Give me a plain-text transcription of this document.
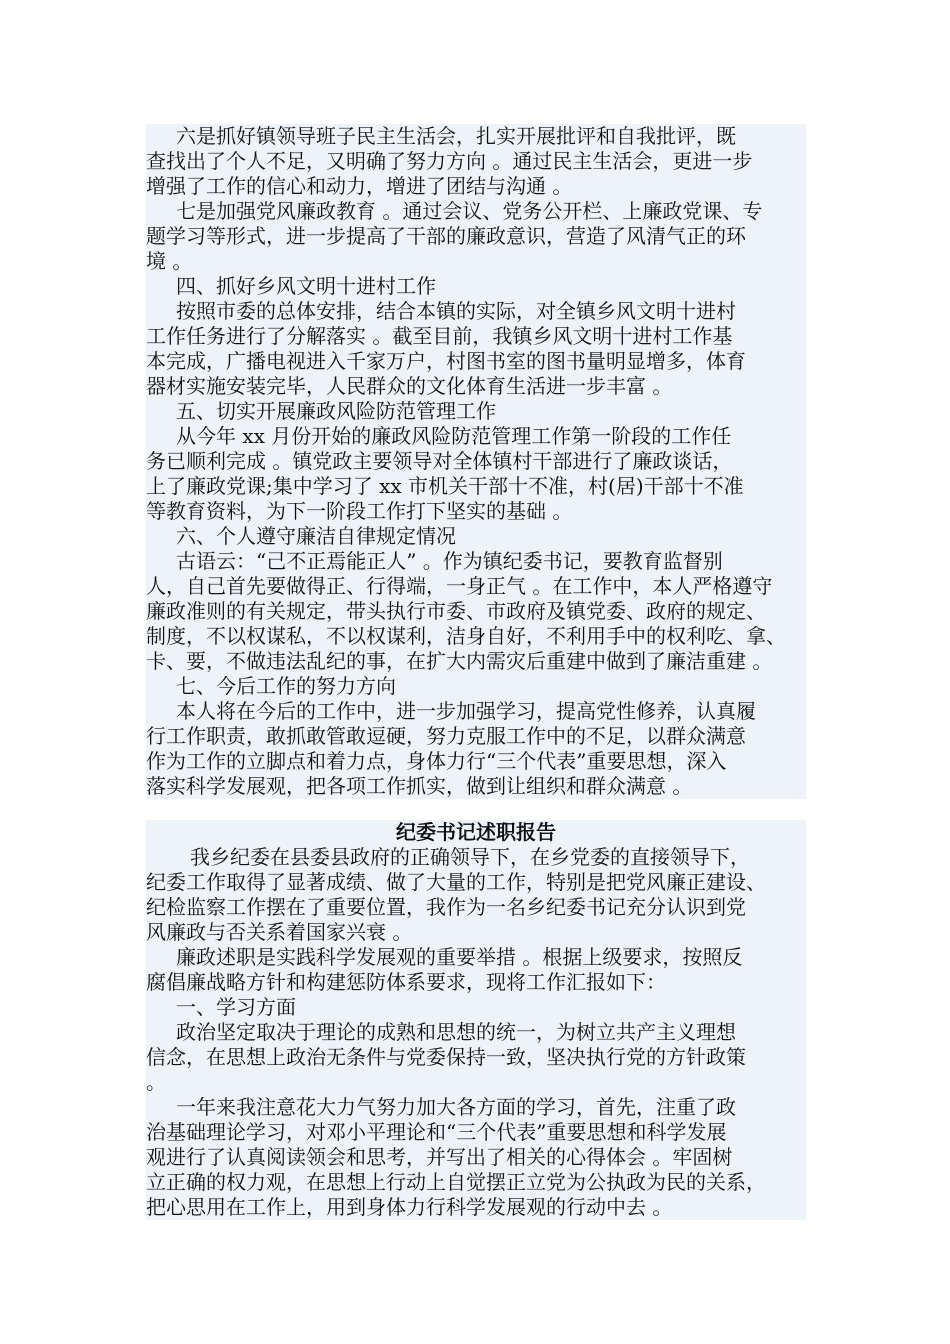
六是抓好镇领导班子民主生活会，扎实开展批评和自我批评，既
查找出了个人不足，又明确了努力方向 。通过民主生活会，更进一步
增强了工作的信心和动力，增进了团结与沟通 。
七是加强党风廉政教育 。通过会议、党务公开栏、上廉政党课、专
题学习等形式，进一步提高了干部的廉政意识，营造了风清气正的环
境 。
四、抓好乡风文明十进村工作
按照市委的总体安排，结合本镇的实际，对全镇乡风文明十进村
工作任务进行了分解落实 。截至目前，我镇乡风文明十进村工作基
本完成，广播电视进入千家万户，村图书室的图书量明显增多，体育
器材实施安装完毕，人民群众的文化体育生活进一步丰富 。
五、切实开展廉政风险防范管理工作
从今年 xx 月份开始的廉政风险防范管理工作第一阶段的工作任
务已顺利完成 。镇党政主要领导对全体镇村干部进行了廉政谈话，
上了廉政党课;集中学习了 xx 市机关干部十不准，村(居)干部十不准
等教育资料，为下一阶段工作打下坚实的基础 。
六、个人遵守廉洁自律规定情况
古语云：“己不正焉能正人” 。作为镇纪委书记，要教育监督别
人，自己首先要做得正、行得端，一身正气 。在工作中，本人严格遵守
廉政准则的有关规定，带头执行市委、市政府及镇党委、政府的规定、
制度，不以权谋私，不以权谋利，洁身自好，不利用手中的权利吃、拿、
卡、要，不做违法乱纪的事，在扩大内需灾后重建中做到了廉洁重建 。
七、今后工作的努力方向
本人将在今后的工作中，进一步加强学习，提高党性修养，认真履
行工作职责，敢抓敢管敢逗硬，努力克服工作中的不足，以群众满意
作为工作的立脚点和着力点，身体力行“三个代表”重要思想，深入
落实科学发展观，把各项工作抓实，做到让组织和群众满意 。
纪委书记述职报告
我乡纪委在县委县政府的正确领导下，在乡党委的直接领导下，
纪委工作取得了显著成绩、做了大量的工作，特别是把党风廉正建设、
纪检监察工作摆在了重要位置，我作为一名乡纪委书记充分认识到党
风廉政与否关系着国家兴衰 。
廉政述职是实践科学发展观的重要举措 。根据上级要求，按照反
腐倡廉战略方针和构建惩防体系要求，现将工作汇报如下：
一、学习方面
政治坚定取决于理论的成熟和思想的统一，为树立共产主义理想
信念，在思想上政治无条件与党委保持一致，坚决执行党的方针政策
。
一年来我注意花大力气努力加大各方面的学习，首先，注重了政
治基础理论学习，对邓小平理论和“三个代表”重要思想和科学发展
观进行了认真阅读领会和思考，并写出了相关的心得体会 。牢固树
立正确的权力观，在思想上行动上自觉摆正立党为公执政为民的关系，
把心思用在工作上，用到身体力行科学发展观的行动中去 。
